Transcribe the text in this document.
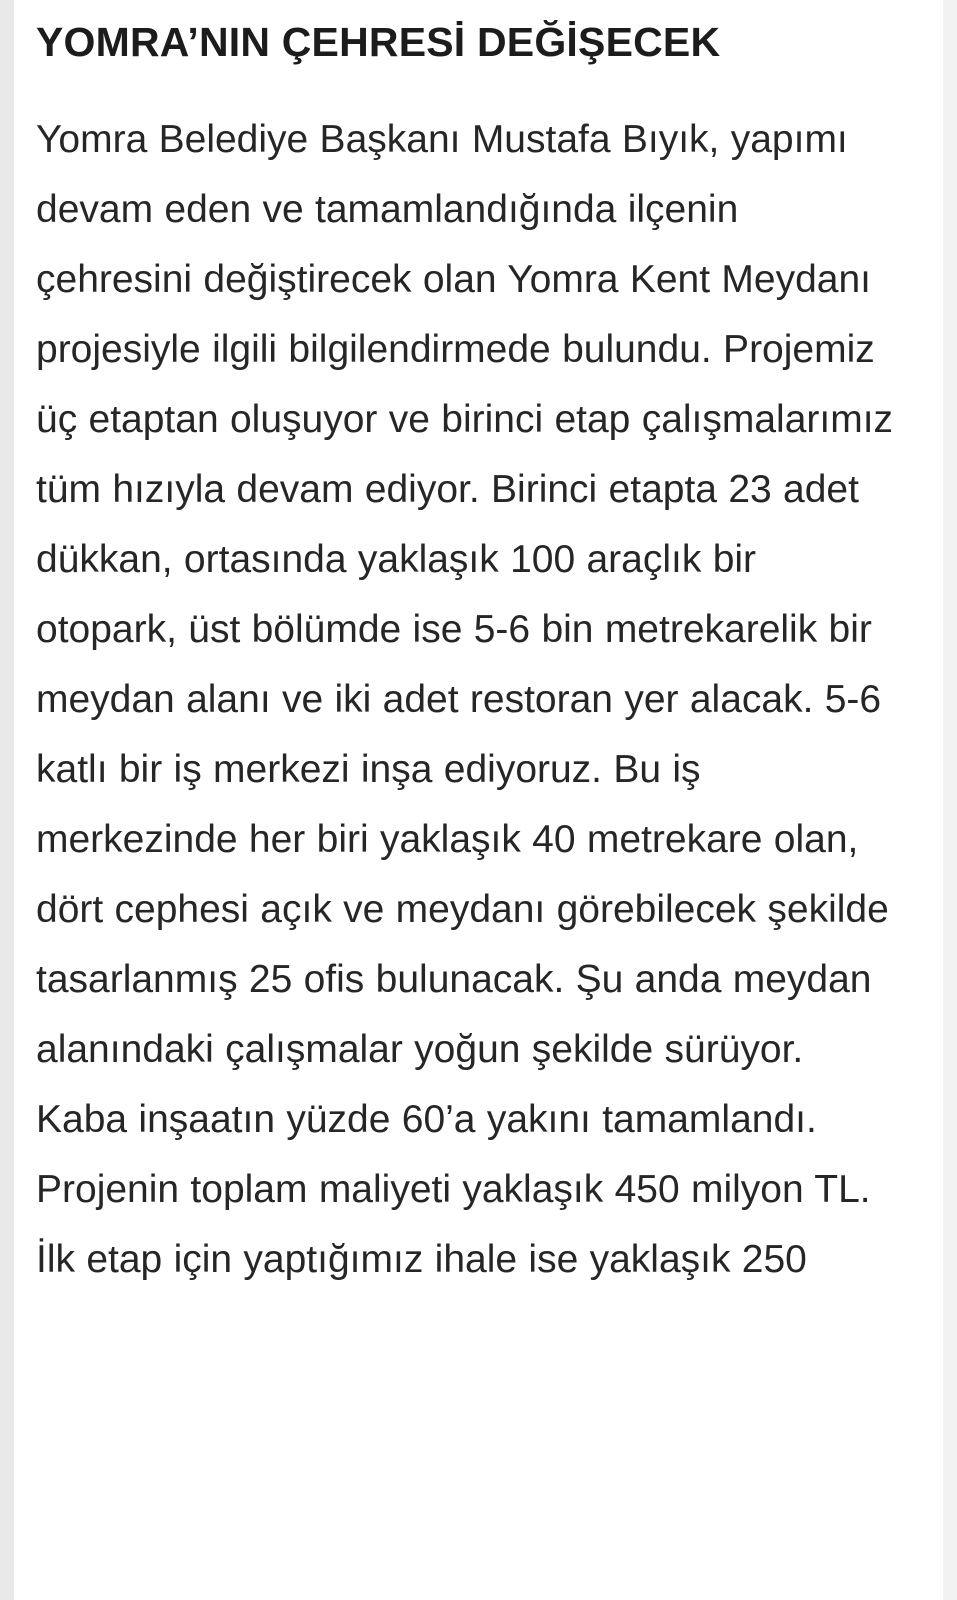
YOMRA’NIN ÇEHRESİ DEĞİŞECEK

Yomra Belediye Başkanı Mustafa Bıyık, yapımı devam eden ve tamamlandığında ilçenin çehresini değiştirecek olan Yomra Kent Meydanı projesiyle ilgili bilgilendirmede bulundu. Projemiz üç etaptan oluşuyor ve birinci etap çalışmalarımız tüm hızıyla devam ediyor. Birinci etapta 23 adet dükkan, ortasında yaklaşık 100 araçlık bir otopark, üst bölümde ise 5-6 bin metrekarelik bir meydan alanı ve iki adet restoran yer alacak. 5-6 katlı bir iş merkezi inşa ediyoruz. Bu iş merkezinde her biri yaklaşık 40 metrekare olan, dört cephesi açık ve meydanı görebilecek şekilde tasarlanmış 25 ofis bulunacak. Şu anda meydan alanındaki çalışmalar yoğun şekilde sürüyor. Kaba inşaatın yüzde 60’a yakını tamamlandı. Projenin toplam maliyeti yaklaşık 450 milyon TL. İlk etap için yaptığımız ihale ise yaklaşık 250
